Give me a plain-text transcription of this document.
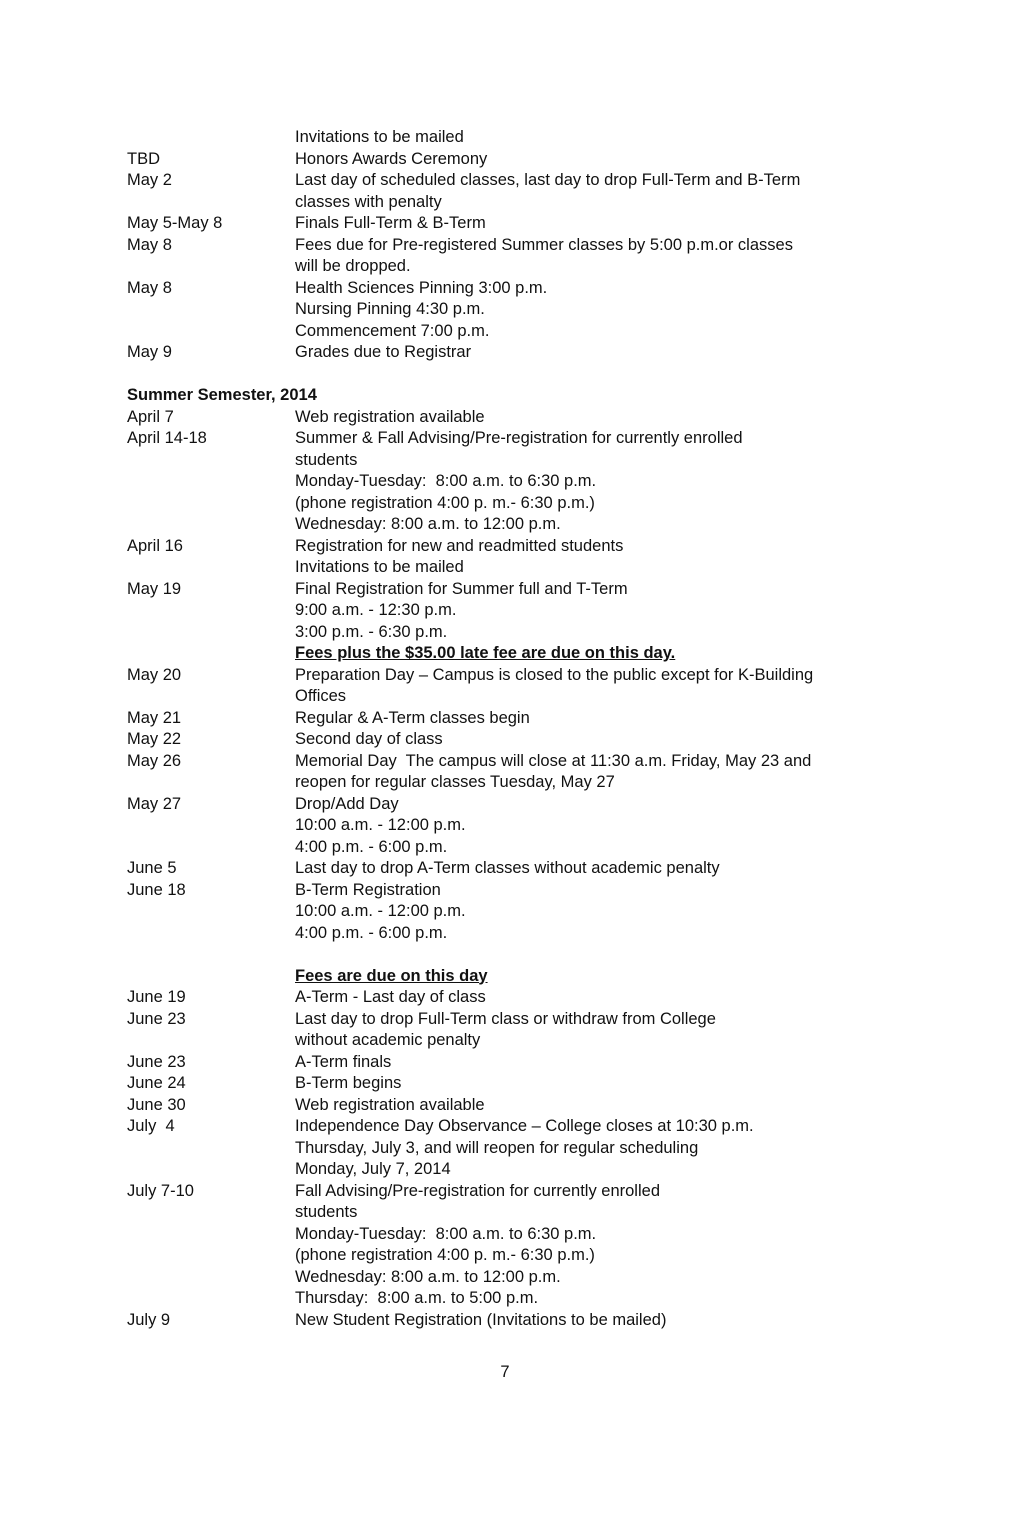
Invitations to be mailed
TBD	Honors Awards Ceremony
May 2	Last day of scheduled classes, last day to drop Full-Term and B-Term
classes with penalty
May 5-May 8	Finals Full-Term & B-Term
May 8	Fees due for Pre-registered Summer classes by 5:00 p.m.or classes
will be dropped.
May 8	Health Sciences Pinning 3:00 p.m.
Nursing Pinning 4:30 p.m.
Commencement 7:00 p.m.
May 9	Grades due to Registrar
Summer Semester, 2014
April 7	Web registration available
April 14-18	Summer & Fall Advising/Pre-registration for currently enrolled
students
Monday-Tuesday:  8:00 a.m. to 6:30 p.m.
(phone registration 4:00 p. m.- 6:30 p.m.)
Wednesday: 8:00 a.m. to 12:00 p.m.
April 16	Registration for new and readmitted students
Invitations to be mailed
May 19	Final Registration for Summer full and T-Term
9:00 a.m. - 12:30 p.m.
3:00 p.m. - 6:30 p.m.
Fees plus the $35.00 late fee are due on this day.
May 20	Preparation Day – Campus is closed to the public except for K-Building
Offices
May 21	Regular & A-Term classes begin
May 22	Second day of class
May 26	Memorial Day  The campus will close at 11:30 a.m. Friday, May 23 and
reopen for regular classes Tuesday, May 27
May 27	Drop/Add Day
10:00 a.m. - 12:00 p.m.
4:00 p.m. - 6:00 p.m.
June 5	Last day to drop A-Term classes without academic penalty
June 18	B-Term Registration
10:00 a.m. - 12:00 p.m.
4:00 p.m. - 6:00 p.m.
Fees are due on this day
June 19	A-Term - Last day of class
June 23	Last day to drop Full-Term class or withdraw from College
without academic penalty
June 23	A-Term finals
June 24	B-Term begins
June 30	Web registration available
July  4	Independence Day Observance – College closes at 10:30 p.m.
Thursday, July 3, and will reopen for regular scheduling
Monday, July 7, 2014
July 7-10	Fall Advising/Pre-registration for currently enrolled
students
Monday-Tuesday:  8:00 a.m. to 6:30 p.m.
(phone registration 4:00 p. m.- 6:30 p.m.)
Wednesday: 8:00 a.m. to 12:00 p.m.
Thursday:  8:00 a.m. to 5:00 p.m.
July 9	New Student Registration (Invitations to be mailed)
7
